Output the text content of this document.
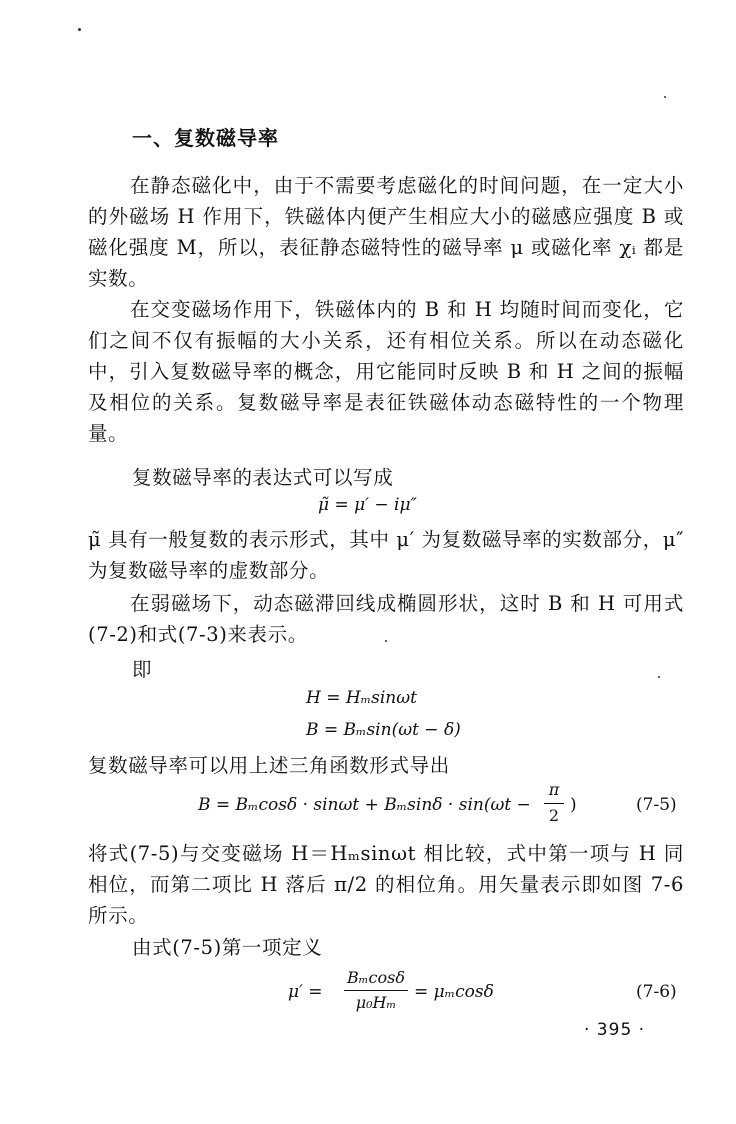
一、复数磁导率
在静态磁化中，由于不需要考虑磁化的时间问题，在一定大小的外磁场 H 作用下，铁磁体内便产生相应大小的磁感应强度 B 或磁化强度 M，所以，表征静态磁特性的磁导率 μ 或磁化率 χᵢ 都是实数。
在交变磁场作用下，铁磁体内的 B 和 H 均随时间而变化，它们之间不仅有振幅的大小关系，还有相位关系。所以在动态磁化中，引入复数磁导率的概念，用它能同时反映 B 和 H 之间的振幅及相位的关系。复数磁导率是表征铁磁体动态磁特性的一个物理量。
复数磁导率的表达式可以写成
μ̃ = μ′ − iμ″
μ̃ 具有一般复数的表示形式，其中 μ′ 为复数磁导率的实数部分，μ″为复数磁导率的虚数部分。
在弱磁场下，动态磁滞回线成椭圆形状，这时 B 和 H 可用式(7-2)和式(7-3)来表示。
即
H = Hₘsinωt
B = Bₘsin(ωt − δ)
复数磁导率可以用上述三角函数形式导出
B = Bₘcosδ · sinωt + Bₘsinδ · sin(ωt −
π
2
)	(7-5)
将式(7-5)与交变磁场 H＝Hₘsinωt 相比较，式中第一项与 H 同相位，而第二项比 H 落后 π/2 的相位角。用矢量表示即如图 7-6 所示。
由式(7-5)第一项定义
μ′ =
Bₘcosδ
μ₀Hₘ
= μₘcosδ	(7-6)
· 395 ·
